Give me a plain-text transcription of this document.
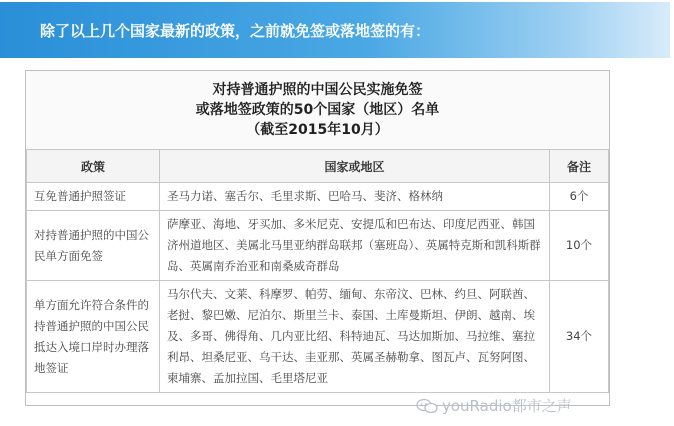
除了以上几个国家最新的政策，之前就免签或落地签的有：
对持普通护照的中国公民实施免签
或落地签政策的50个国家（地区）名单
（截至2015年10月）		

政策	国家或地区	备注
互免普通护照签证	圣马力诺、塞舌尔、毛里求斯、巴哈马、斐济、格林纳	6个
对持普通护照的中国公民单方面免签	萨摩亚、海地、牙买加、多米尼克、安提瓜和巴布达、印度尼西亚、韩国济州道地区、美属北马里亚纳群岛联邦（塞班岛）、英属特克斯和凯科斯群岛、英属南乔治亚和南桑威奇群岛	10个
单方面允许符合条件的持普通护照的中国公民抵达入境口岸时办理落地签证	马尔代夫、文莱、科摩罗、帕劳、缅甸、东帝汶、巴林、约旦、阿联酋、老挝、黎巴嫩、尼泊尔、斯里兰卡、泰国、土库曼斯坦、伊朗、越南、埃及、多哥、佛得角、几内亚比绍、科特迪瓦、马达加斯加、马拉维、塞拉利昂、坦桑尼亚、乌干达、圭亚那、英属圣赫勒拿、图瓦卢、瓦努阿图、柬埔寨、孟加拉国、毛里塔尼亚	34个
youRadio都市之声
